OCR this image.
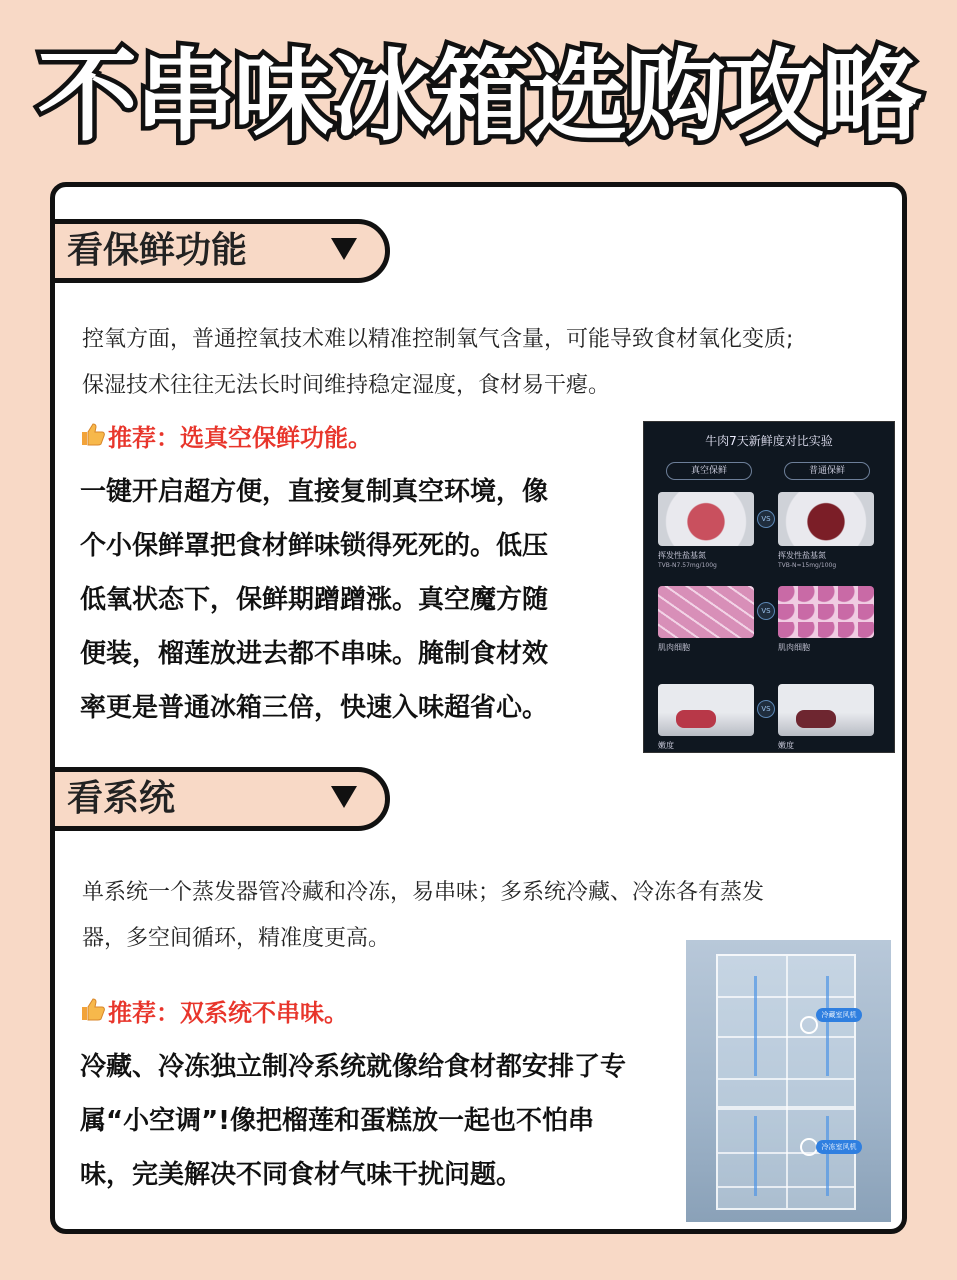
不串味冰箱选购攻略
看保鲜功能
控氧方面，普通控氧技术难以精准控制氧气含量，可能导致食材氧化变质;
保湿技术往往无法长时间维持稳定湿度，食材易干瘪。
推荐：选真空保鲜功能。
一键开启超方便，直接复制真空环境，像
个小保鲜罩把食材鲜味锁得死死的。低压
低氧状态下，保鲜期蹭蹭涨。真空魔方随
便装，榴莲放进去都不串味。腌制食材效
率更是普通冰箱三倍，快速入味超省心。
牛肉7天新鲜度对比实验
真空保鲜	普通保鲜
VS
挥发性盐基氮	挥发性盐基氮
TVB-N7.57mg/100g	TVB-N≈15mg/100g
VS
肌肉细胞	肌肉细胞
VS
嫩度	嫩度
看系统
单系统一个蒸发器管冷藏和冷冻，易串味；多系统冷藏、冷冻各有蒸发
器，多空间循环，精准度更高。
推荐：双系统不串味。
冷藏、冷冻独立制冷系统就像给食材都安排了专
属“小空调”!像把榴莲和蛋糕放一起也不怕串
味，完美解决不同食材气味干扰问题。
冷藏室风机
冷冻室风机
